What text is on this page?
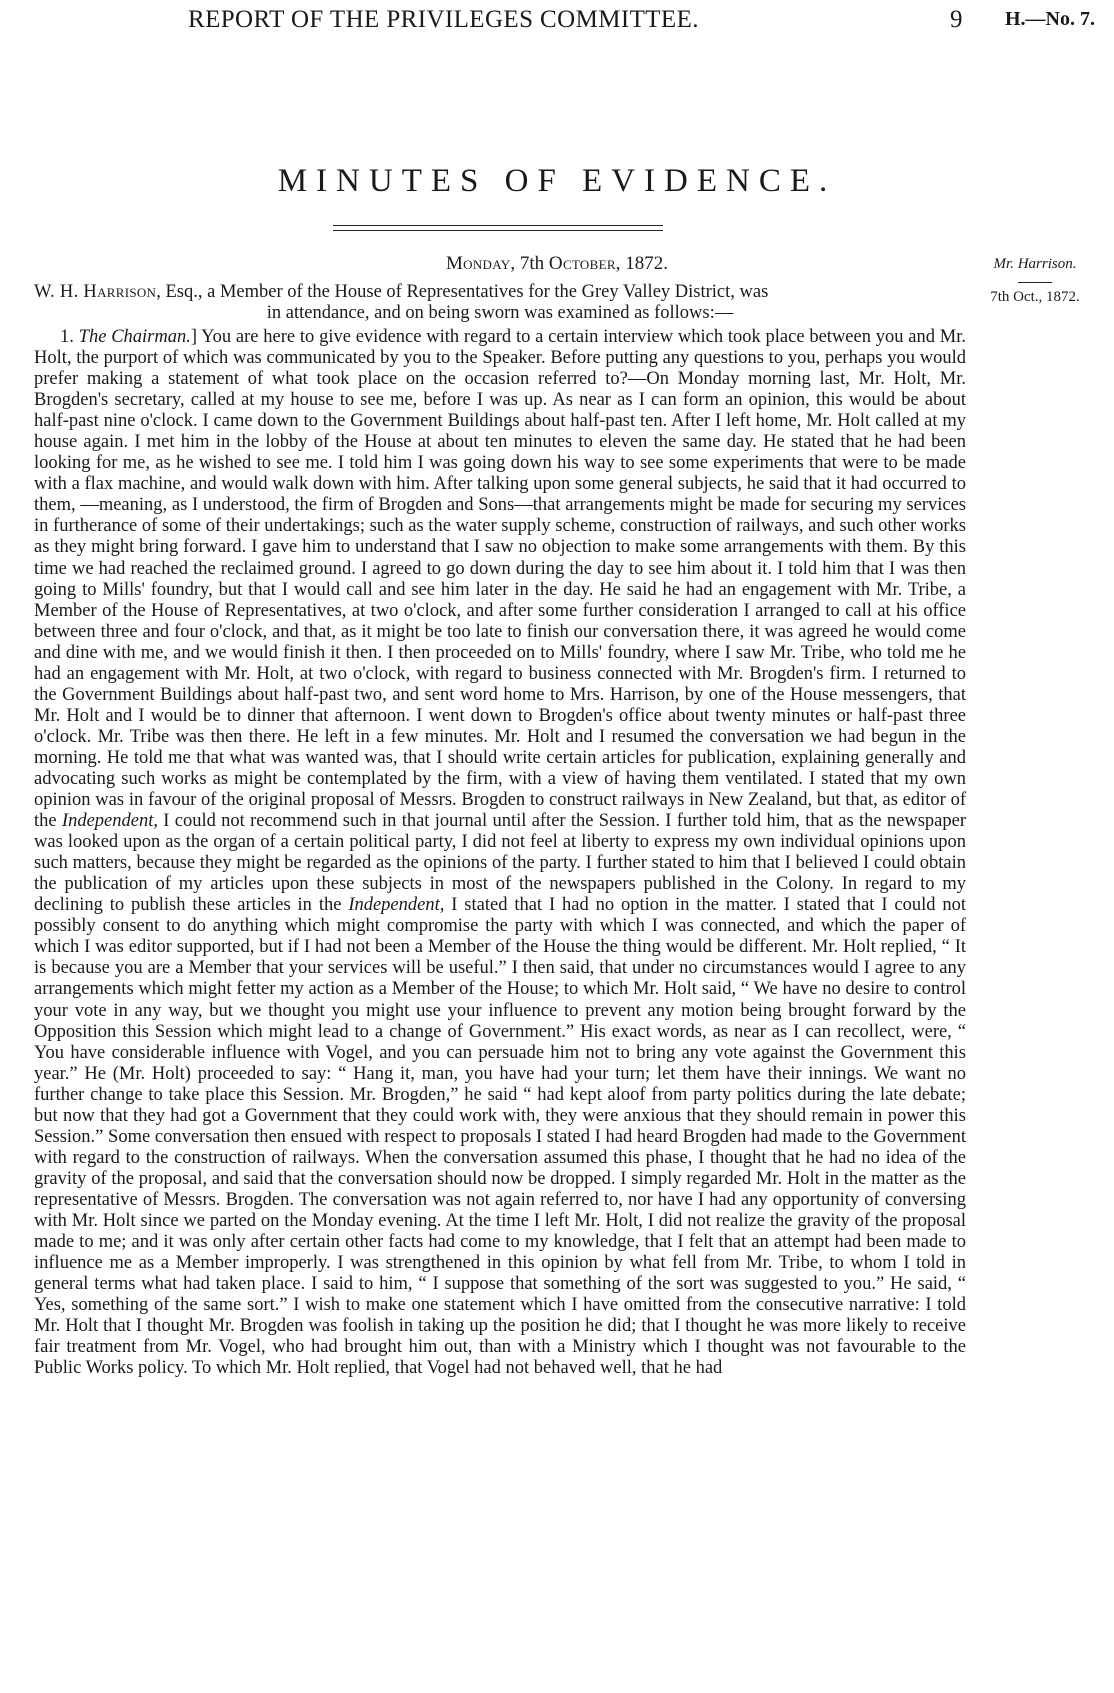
REPORT OF THE PRIVILEGES COMMITTEE.	9 H.—No. 7.
MINUTES OF EVIDENCE.
Mr. Harrison.
7th Oct., 1872.
Monday, 7th October, 1872.
W. H. Harrison, Esq., a Member of the House of Representatives for the Grey Valley District, was
in attendance, and on being sworn was examined as follows:—

1. The Chairman.] You are here to give evidence with regard to a certain interview which took place between you and Mr. Holt, the purport of which was communicated by you to the Speaker. Before putting any questions to you, perhaps you would prefer making a statement of what took place on the occasion referred to?—On Monday morning last, Mr. Holt, Mr. Brogden's secretary, called at my house to see me, before I was up. As near as I can form an opinion, this would be about half-past nine o'clock. I came down to the Government Buildings about half-past ten. After I left home, Mr. Holt called at my house again. I met him in the lobby of the House at about ten minutes to eleven the same day. He stated that he had been looking for me, as he wished to see me. I told him I was going down his way to see some experiments that were to be made with a flax machine, and would walk down with him. After talking upon some general subjects, he said that it had occurred to them, —meaning, as I understood, the firm of Brogden and Sons—that arrangements might be made for securing my services in furtherance of some of their undertakings; such as the water supply scheme, construction of railways, and such other works as they might bring forward. I gave him to understand that I saw no objection to make some arrangements with them. By this time we had reached the reclaimed ground. I agreed to go down during the day to see him about it. I told him that I was then going to Mills' foundry, but that I would call and see him later in the day. He said he had an engagement with Mr. Tribe, a Member of the House of Representatives, at two o'clock, and after some further consideration I arranged to call at his office between three and four o'clock, and that, as it might be too late to finish our conversation there, it was agreed he would come and dine with me, and we would finish it then. I then proceeded on to Mills' foundry, where I saw Mr. Tribe, who told me he had an engagement with Mr. Holt, at two o'clock, with regard to business connected with Mr. Brogden's firm. I returned to the Government Buildings about half-past two, and sent word home to Mrs. Harrison, by one of the House messengers, that Mr. Holt and I would be to dinner that afternoon. I went down to Brogden's office about twenty minutes or half-past three o'clock. Mr. Tribe was then there. He left in a few minutes. Mr. Holt and I resumed the conversation we had begun in the morning. He told me that what was wanted was, that I should write certain articles for publication, explaining generally and advocating such works as might be contemplated by the firm, with a view of having them ventilated. I stated that my own opinion was in favour of the original proposal of Messrs. Brogden to construct railways in New Zealand, but that, as editor of the Independent, I could not recommend such in that journal until after the Session. I further told him, that as the newspaper was looked upon as the organ of a certain political party, I did not feel at liberty to express my own individual opinions upon such matters, because they might be regarded as the opinions of the party. I further stated to him that I believed I could obtain the publication of my articles upon these subjects in most of the newspapers published in the Colony. In regard to my declining to publish these articles in the Independent, I stated that I had no option in the matter. I stated that I could not possibly consent to do anything which might compromise the party with which I was connected, and which the paper of which I was editor supported, but if I had not been a Member of the House the thing would be different. Mr. Holt replied, “ It is because you are a Member that your services will be useful.” I then said, that under no circumstances would I agree to any arrangements which might fetter my action as a Member of the House; to which Mr. Holt said, “ We have no desire to control your vote in any way, but we thought you might use your influence to prevent any motion being brought forward by the Opposition this Session which might lead to a change of Government.” His exact words, as near as I can recollect, were, “ You have considerable influence with Vogel, and you can persuade him not to bring any vote against the Government this year.” He (Mr. Holt) proceeded to say: “ Hang it, man, you have had your turn; let them have their innings. We want no further change to take place this Session. Mr. Brogden,” he said “ had kept aloof from party politics during the late debate; but now that they had got a Government that they could work with, they were anxious that they should remain in power this Session.” Some conversation then ensued with respect to proposals I stated I had heard Brogden had made to the Government with regard to the construction of railways. When the conversation assumed this phase, I thought that he had no idea of the gravity of the proposal, and said that the conversation should now be dropped. I simply regarded Mr. Holt in the matter as the representative of Messrs. Brogden. The conversation was not again referred to, nor have I had any opportunity of conversing with Mr. Holt since we parted on the Monday evening. At the time I left Mr. Holt, I did not realize the gravity of the proposal made to me; and it was only after certain other facts had come to my knowledge, that I felt that an attempt had been made to influence me as a Member improperly. I was strengthened in this opinion by what fell from Mr. Tribe, to whom I told in general terms what had taken place. I said to him, “ I suppose that something of the sort was suggested to you.” He said, “ Yes, something of the same sort.” I wish to make one statement which I have omitted from the consecutive narrative: I told Mr. Holt that I thought Mr. Brogden was foolish in taking up the position he did; that I thought he was more likely to receive fair treatment from Mr. Vogel, who had brought him out, than with a Ministry which I thought was not favourable to the Public Works policy. To which Mr. Holt replied, that Vogel had not behaved well, that he had
